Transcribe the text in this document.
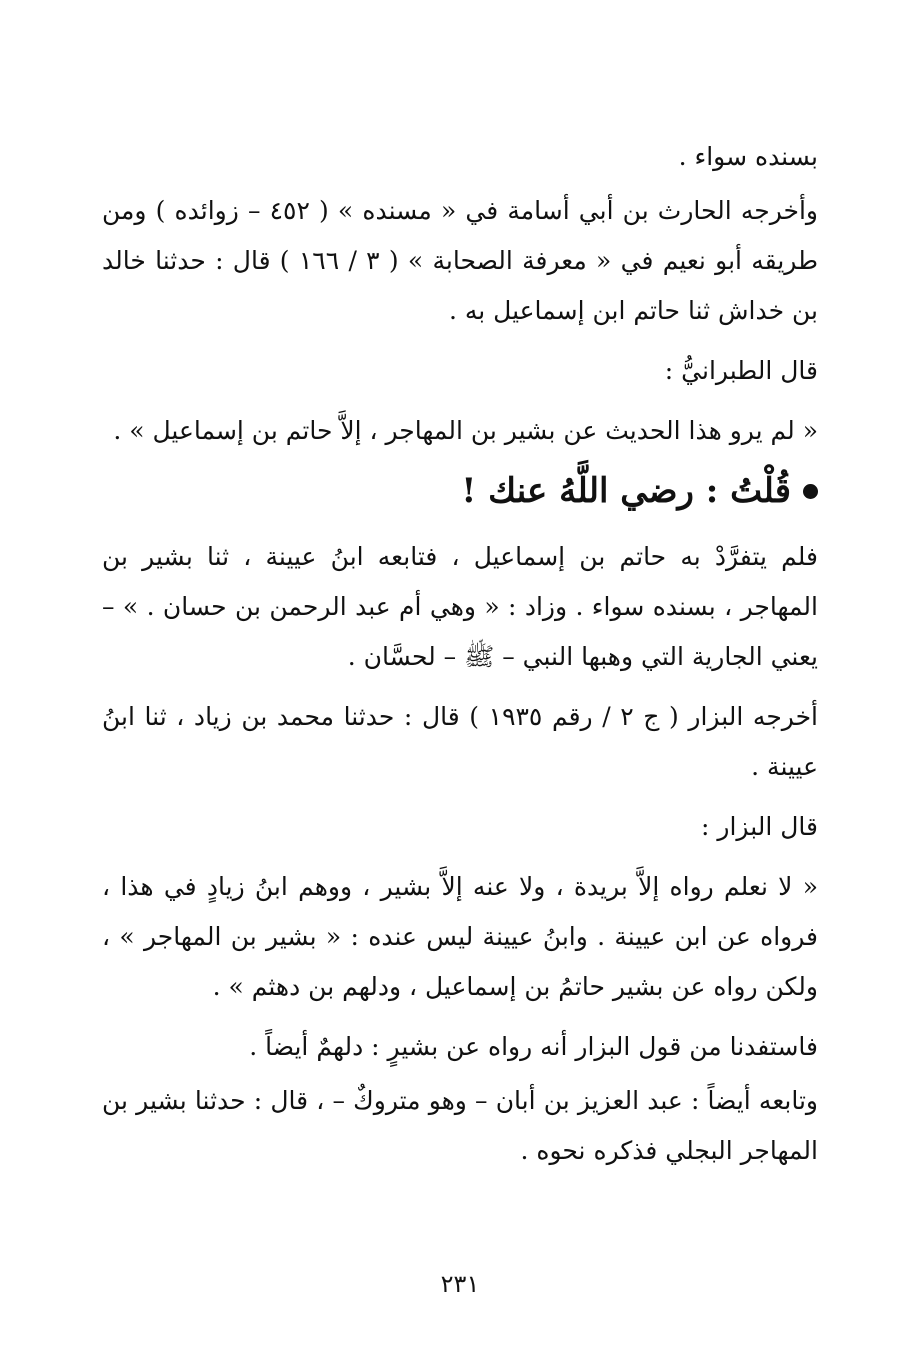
بسنده سواء .

وأخرجه الحارث بن أبي أسامة في « مسنده » ( ٤٥٢ – زوائده ) ومن طريقه أبو نعيم في « معرفة الصحابة » ( ٣ / ١٦٦ ) قال : حدثنا خالد بن خداش ثنا حاتم ابن إسماعيل به .

قال الطبرانيُّ :

« لم يرو هذا الحديث عن بشير بن المهاجر ، إلاَّ حاتم بن إسماعيل » .

قُلْتُ : رضي اللَّهُ عنك !

فلم يتفرَّدْ به حاتم بن إسماعيل ، فتابعه ابنُ عيينة ، ثنا بشير بن المهاجر ، بسنده سواء . وزاد : « وهي أم عبد الرحمن بن حسان . » – يعني الجارية التي وهبها النبي – ﷺ – لحسَّان .

أخرجه البزار ( ج ٢ / رقم ١٩٣٥ ) قال : حدثنا محمد بن زياد ، ثنا ابنُ عيينة .

قال البزار :

« لا نعلم رواه إلاَّ بريدة ، ولا عنه إلاَّ بشير ، ووهم ابنُ زيادٍ في هذا ، فرواه عن ابن عيينة . وابنُ عيينة ليس عنده : « بشير بن المهاجر » ، ولكن رواه عن بشير حاتمُ بن إسماعيل ، ودلهم بن دهثم » .

فاستفدنا من قول البزار أنه رواه عن بشيرٍ : دلهمٌ أيضاً .

وتابعه أيضاً : عبد العزيز بن أبان – وهو متروكٌ – ، قال : حدثنا بشير بن المهاجر البجلي فذكره نحوه .

٢٣١
